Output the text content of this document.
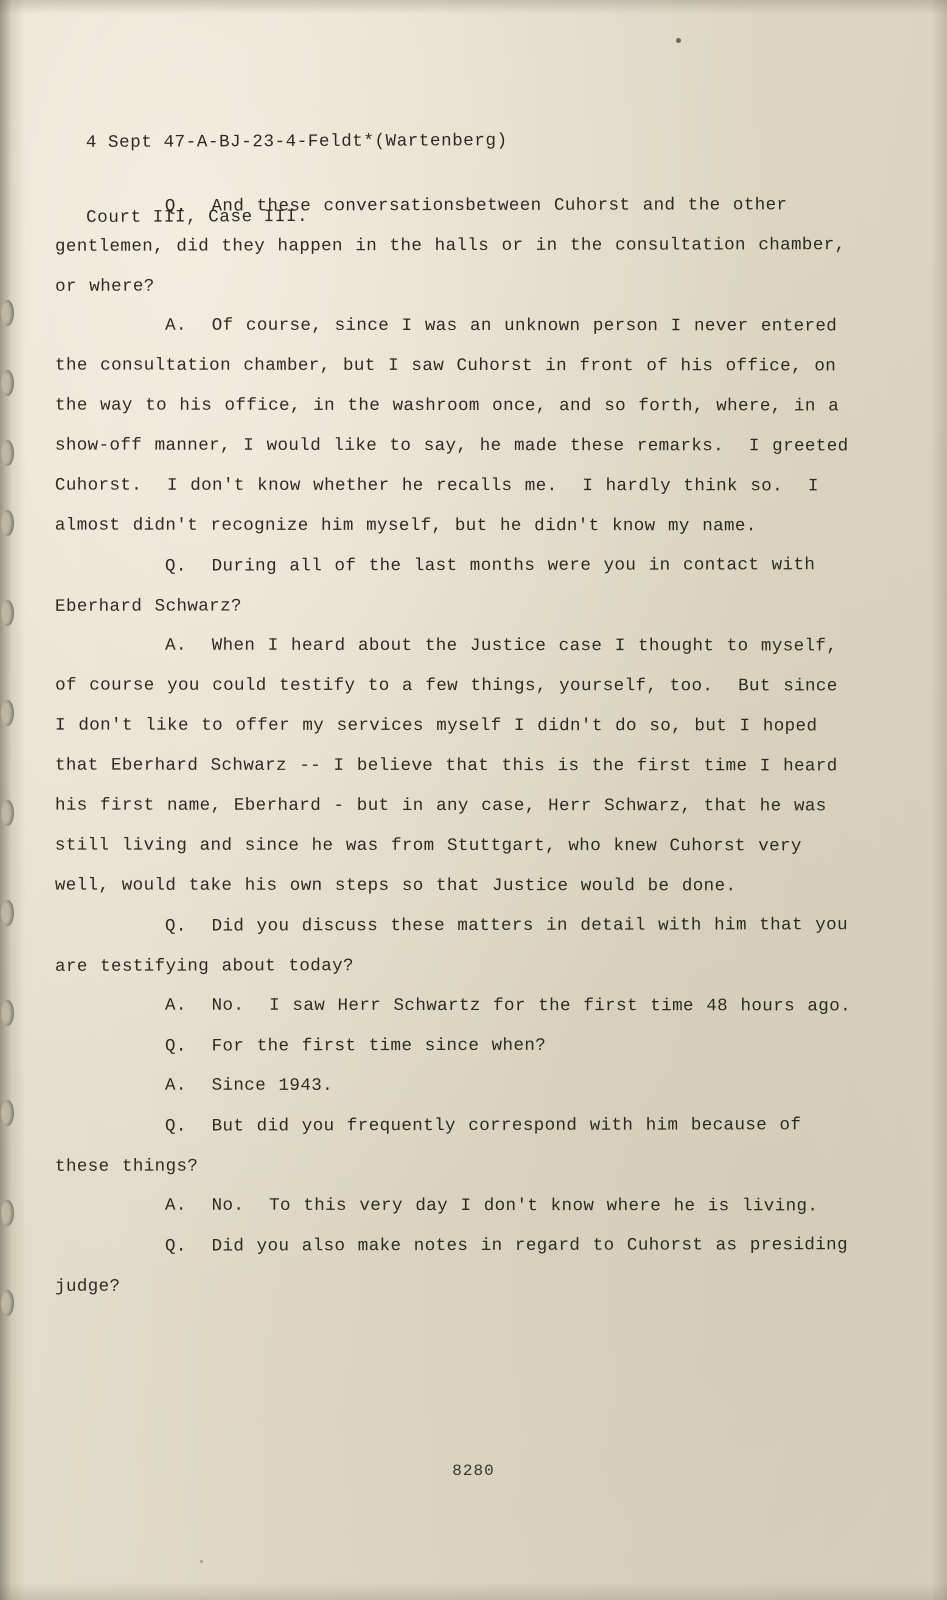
4 Sept 47-A-BJ-23-4-Feldt*(Wartenberg)

Court III, Case III.

Q.  And these conversationsbetween Cuhorst and the other gentlemen, did they happen in the halls or in the consultation chamber, or where?

A.  Of course, since I was an unknown person I never entered the consultation chamber, but I saw Cuhorst in front of his office, on the way to his office, in the washroom once, and so forth, where, in a show-off manner, I would like to say, he made these remarks.  I greeted Cuhorst.  I don't know whether he recalls me.  I hardly think so.  I almost didn't recognize him myself, but he didn't know my name.

Q.  During all of the last months were you in contact with Eberhard Schwarz?

A.  When I heard about the Justice case I thought to myself, of course you could testify to a few things, yourself, too.  But since I don't like to offer my services myself I didn't do so, but I hoped that Eberhard Schwarz -- I believe that this is the first time I heard his first name, Eberhard - but in any case, Herr Schwarz, that he was still living and since he was from Stuttgart, who knew Cuhorst very well, would take his own steps so that Justice would be done.

Q.  Did you discuss these matters in detail with him that you are testifying about today?

A.  No.  I saw Herr Schwartz for the first time 48 hours ago.

Q.  For the first time since when?

A.  Since 1943.

Q.  But did you frequently correspond with him because of these things?

A.  No.  To this very day I don't know where he is living.

Q.  Did you also make notes in regard to Cuhorst as presiding judge?

8280
